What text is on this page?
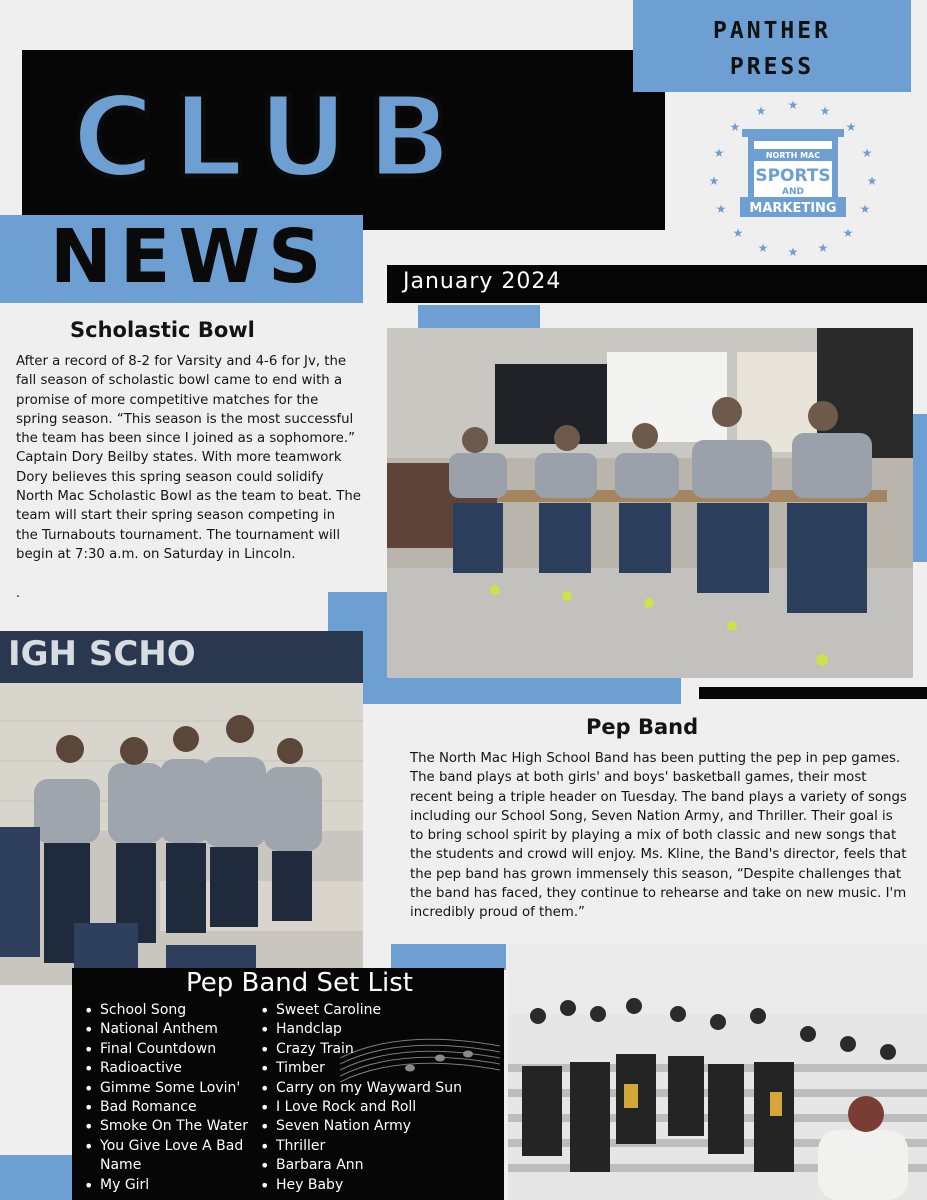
CLUB
NEWS
PANTHER
PRESS
★ ★
★
★
★
★
★
★
★
★
★
★
★
★
★
★
NORTH MAC
SPORTS
AND
MARKETING
January 2024
Scholastic Bowl
After a record of 8-2 for Varsity and 4-6 for Jv, the fall season of scholastic bowl came to end with a promise of more competitive matches for the spring season. “This season is the most successful the team has been since I joined as a sophomore.” Captain Dory Beilby states. With more teamwork Dory believes this spring season could solidify North Mac Scholastic Bowl as the team to beat. The team will start their spring season competing in the Turnabouts tournament. The tournament will begin at 7:30 a.m. on Saturday in Lincoln.
.
IGH SCHO
Pep Band
The North Mac High School Band has been putting the pep in pep games. The band plays at both girls' and boys' basketball games, their most recent being a triple header on Tuesday. The band plays a variety of songs including our School Song, Seven Nation Army, and Thriller. Their goal is to bring school spirit by playing a mix of both classic and new songs that the students and crowd will enjoy. Ms. Kline, the Band's director, feels that the pep band has grown immensely this season, “Despite challenges that the band has faced, they continue to rehearse and take on new music. I'm incredibly proud of them.”
Pep Band Set List
• School Song
• National Anthem
• Final Countdown
• Radioactive
• Gimme Some Lovin'
• Bad Romance
• Smoke On The Water
• You Give Love A Bad
Name
• My Girl
• Sweet Caroline
• Handclap
• Crazy Train
• Timber
• Carry on my Wayward Sun
• I Love Rock and Roll
• Seven Nation Army
• Thriller
• Barbara Ann
• Hey Baby
